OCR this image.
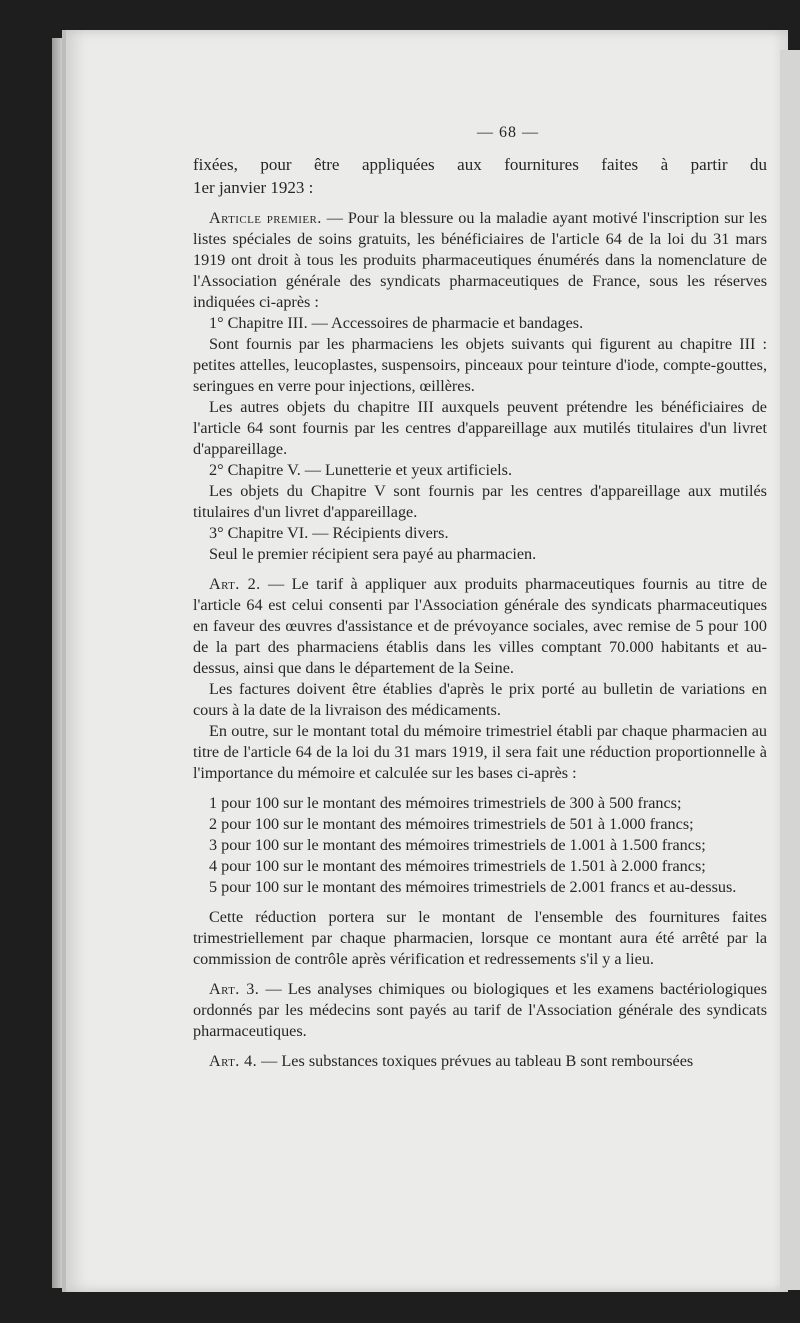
— 68 —

fixées, pour être appliquées aux fournitures faites à partir du
1er janvier 1923 :

Article premier. — Pour la blessure ou la maladie ayant motivé l'inscription sur les listes spéciales de soins gratuits, les bénéficiaires de l'article 64 de la loi du 31 mars 1919 ont droit à tous les produits pharmaceutiques énumérés dans la nomenclature de l'Association générale des syndicats pharmaceutiques de France, sous les réserves indiquées ci-après :

1° Chapitre III. — Accessoires de pharmacie et bandages.

Sont fournis par les pharmaciens les objets suivants qui figurent au chapitre III : petites attelles, leucoplastes, suspensoirs, pinceaux pour teinture d'iode, compte-gouttes, seringues en verre pour injections, œillères.

Les autres objets du chapitre III auxquels peuvent prétendre les bénéficiaires de l'article 64 sont fournis par les centres d'appareillage aux mutilés titulaires d'un livret d'appareillage.

2° Chapitre V. — Lunetterie et yeux artificiels.

Les objets du Chapitre V sont fournis par les centres d'appareillage aux mutilés titulaires d'un livret d'appareillage.

3° Chapitre VI. — Récipients divers.

Seul le premier récipient sera payé au pharmacien.

Art. 2. — Le tarif à appliquer aux produits pharmaceutiques fournis au titre de l'article 64 est celui consenti par l'Association générale des syndicats pharmaceutiques en faveur des œuvres d'assistance et de prévoyance sociales, avec remise de 5 pour 100 de la part des pharmaciens établis dans les villes comptant 70.000 habitants et au-dessus, ainsi que dans le département de la Seine.

Les factures doivent être établies d'après le prix porté au bulletin de variations en cours à la date de la livraison des médicaments.

En outre, sur le montant total du mémoire trimestriel établi par chaque pharmacien au titre de l'article 64 de la loi du 31 mars 1919, il sera fait une réduction proportionnelle à l'importance du mémoire et calculée sur les bases ci-après :

1 pour 100 sur le montant des mémoires trimestriels de 300 à 500 francs;

2 pour 100 sur le montant des mémoires trimestriels de 501 à 1.000 francs;

3 pour 100 sur le montant des mémoires trimestriels de 1.001 à 1.500 francs;

4 pour 100 sur le montant des mémoires trimestriels de 1.501 à 2.000 francs;

5 pour 100 sur le montant des mémoires trimestriels de 2.001 francs et au-dessus.

Cette réduction portera sur le montant de l'ensemble des fournitures faites trimestriellement par chaque pharmacien, lorsque ce montant aura été arrêté par la commission de contrôle après vérification et redressements s'il y a lieu.

Art. 3. — Les analyses chimiques ou biologiques et les examens bactériologiques ordonnés par les médecins sont payés au tarif de l'Association générale des syndicats pharmaceutiques.

Art. 4. — Les substances toxiques prévues au tableau B sont remboursées
